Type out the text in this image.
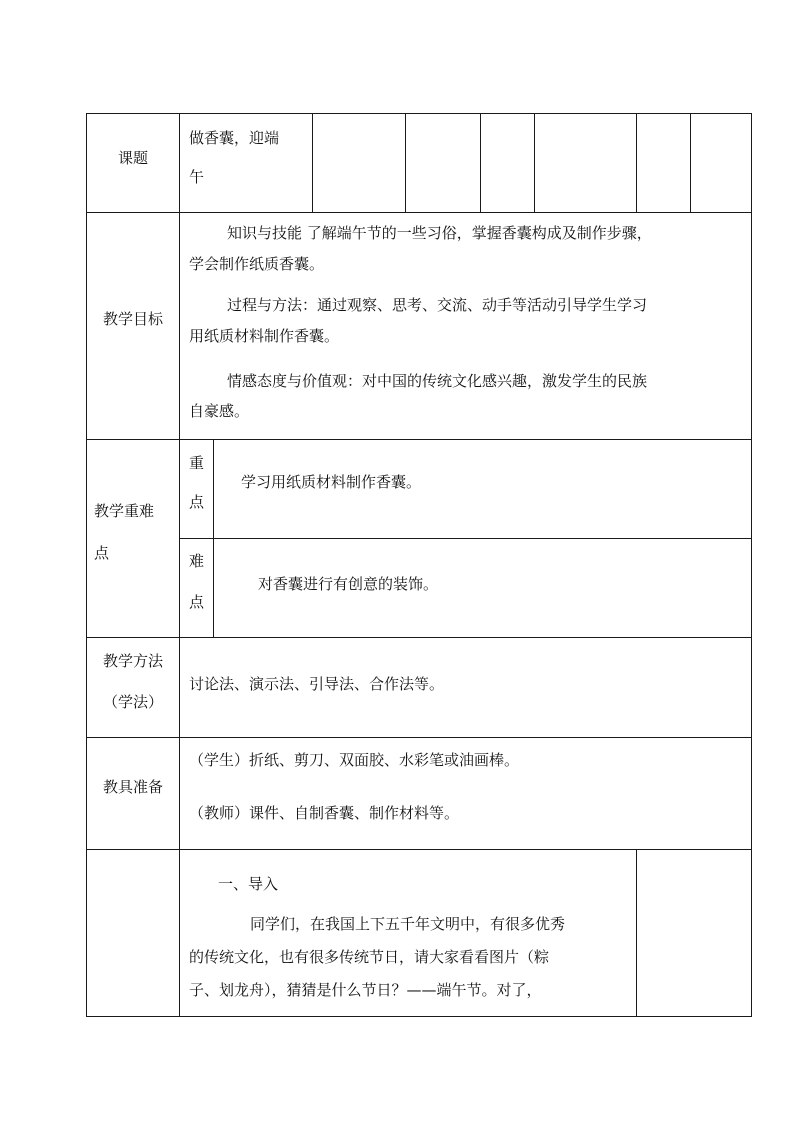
课题
做香囊，迎端
午
教学目标
知识与技能 了解端午节的一些习俗，掌握香囊构成及制作步骤，
学会制作纸质香囊。
过程与方法：通过观察、思考、交流、动手等活动引导学生学习
用纸质材料制作香囊。
情感态度与价值观：对中国的传统文化感兴趣，激发学生的民族
自豪感。
教学重难
点
重
点
学习用纸质材料制作香囊。
难
点
对香囊进行有创意的装饰。
教学方法
（学法）
讨论法、演示法、引导法、合作法等。
教具准备
（学生）折纸、剪刀、双面胶、水彩笔或油画棒。
（教师）课件、自制香囊、制作材料等。
一、导入
同学们，在我国上下五千年文明中，有很多优秀
的传统文化，也有很多传统节日，请大家看看图片（粽
子、划龙舟），猜猜是什么节日？——端午节。对了，
